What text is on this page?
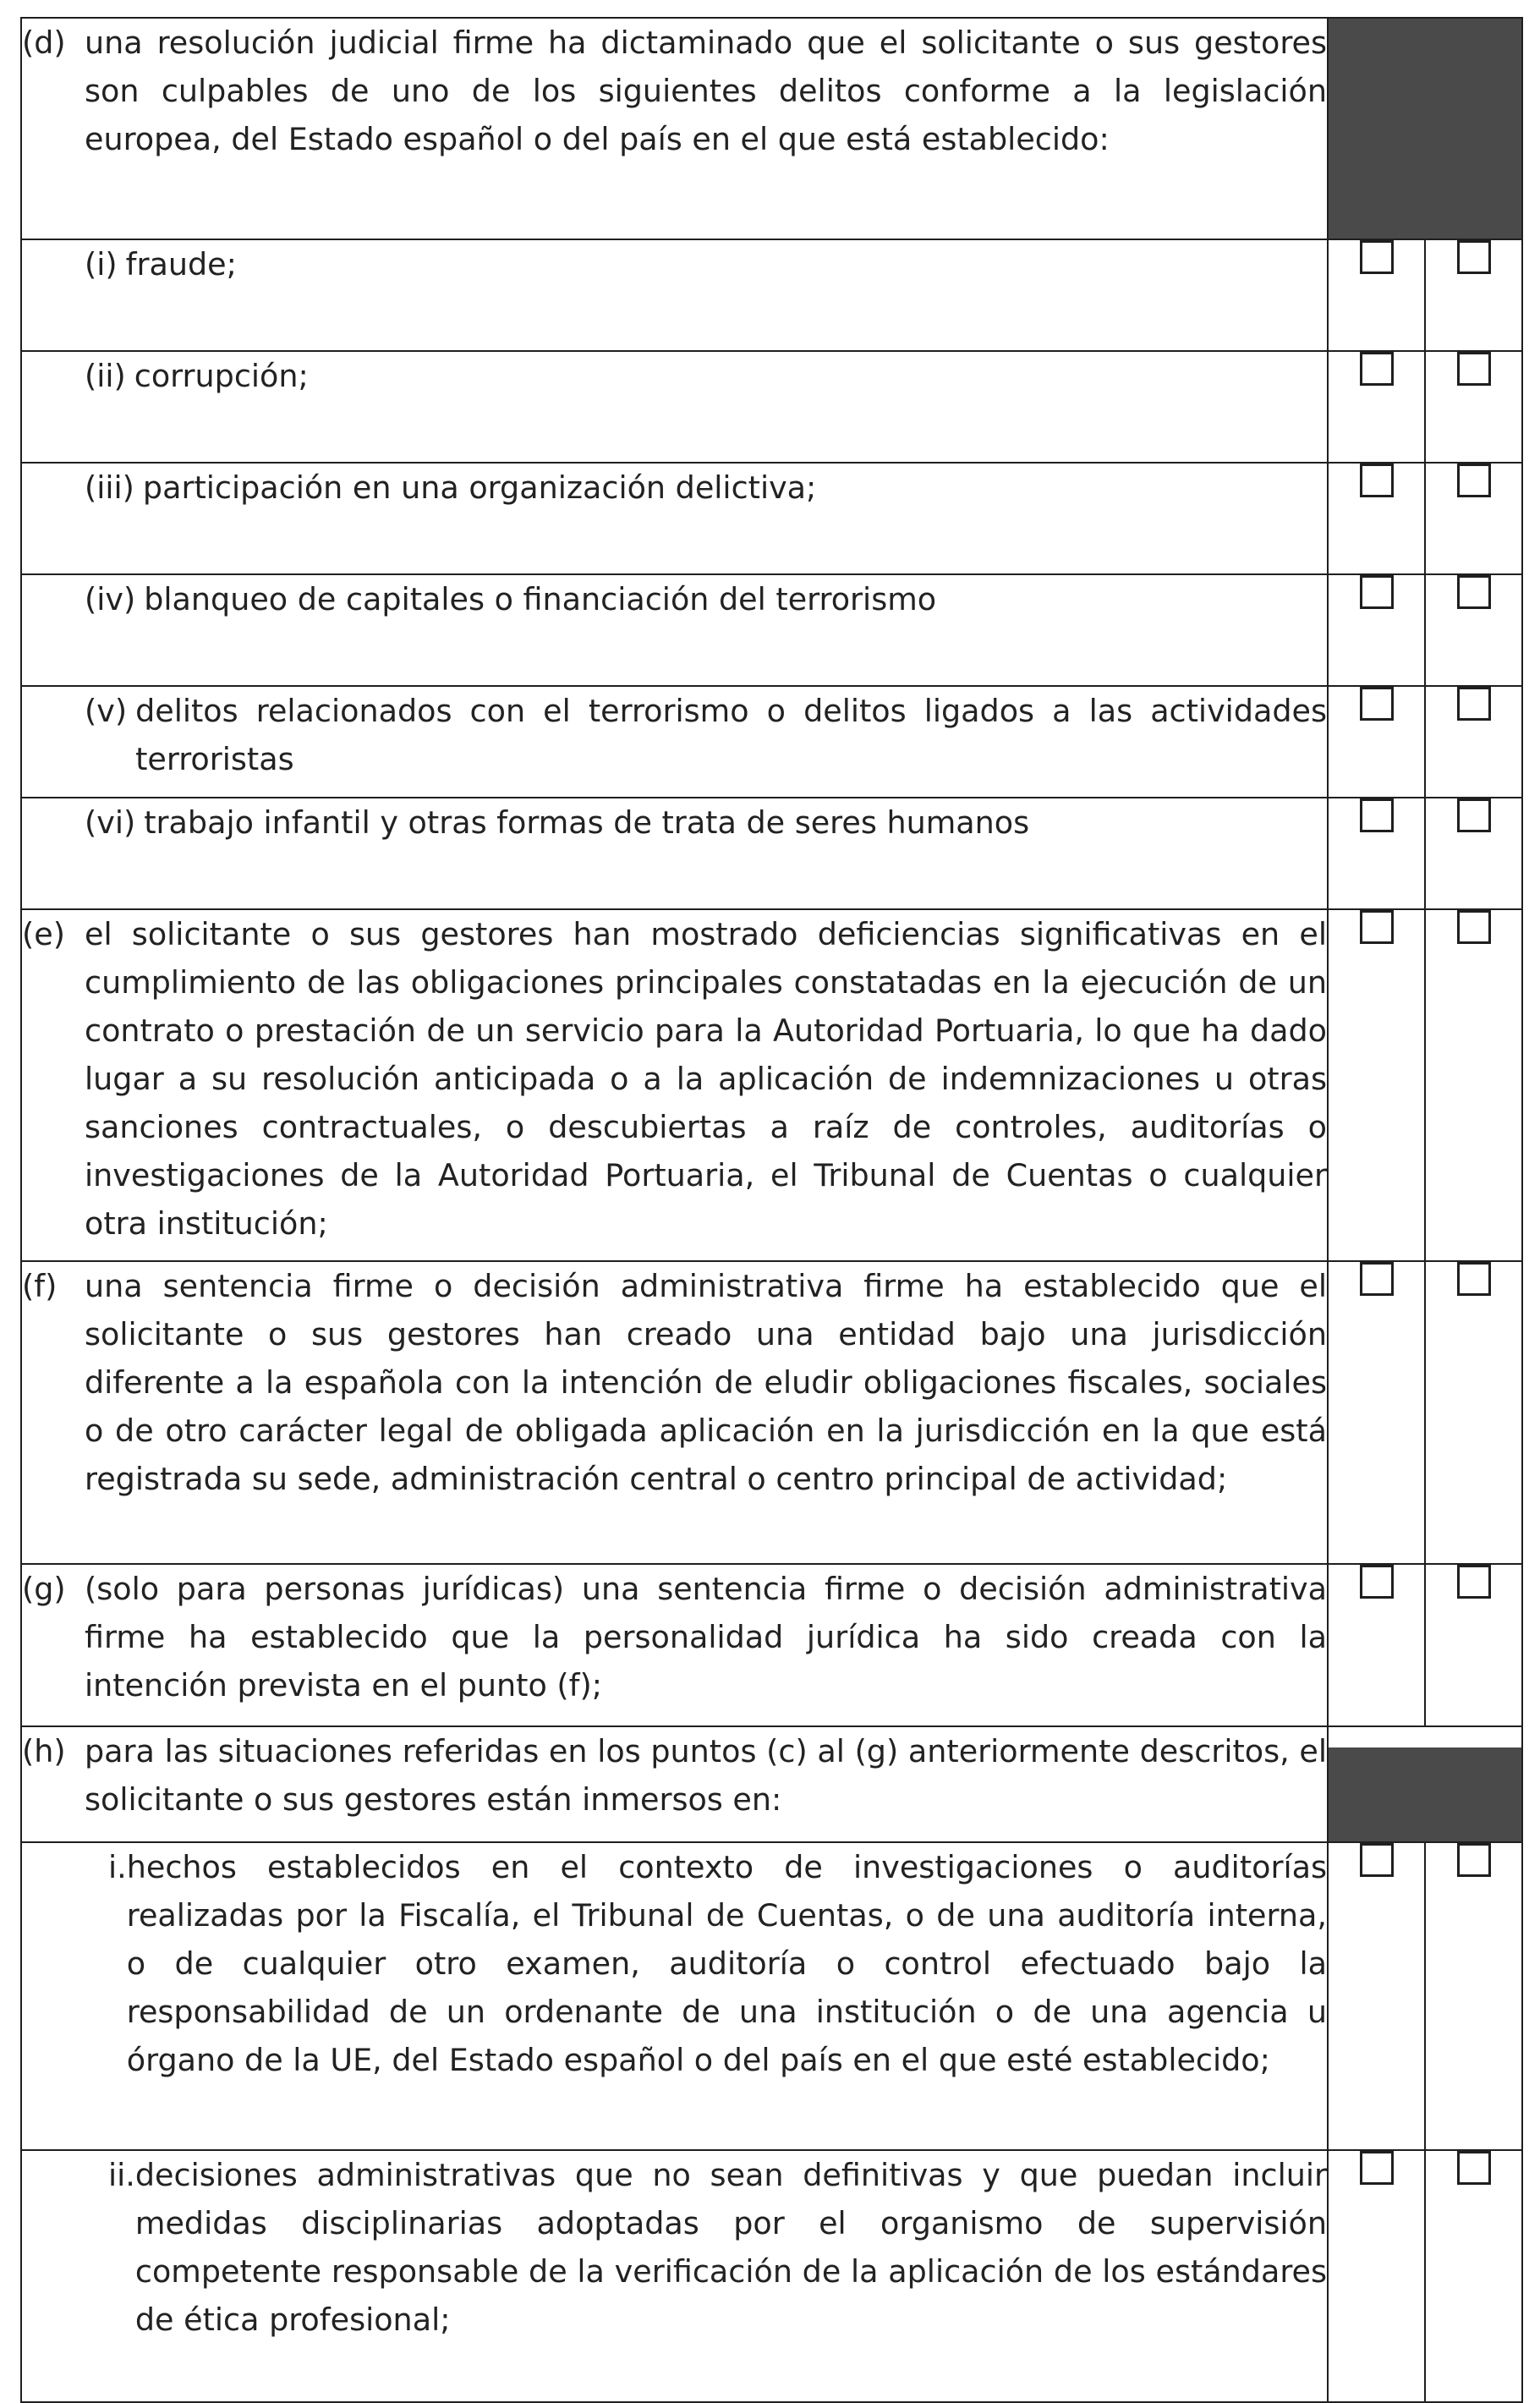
(d) una resolución judicial firme ha dictaminado que el solicitante o sus gestores son culpables de uno de los siguientes delitos conforme a la legislación europea, del Estado español o del país en el que está establecido:		

(i) fraude;		

(ii) corrupción;		

(iii) participación en una organización delictiva;		

(iv) blanqueo de capitales o financiación del terrorismo		

(v) delitos relacionados con el terrorismo o delitos ligados a las actividades terroristas		

(vi) trabajo infantil y otras formas de trata de seres humanos		

(e) el solicitante o sus gestores han mostrado deficiencias significativas en el cumplimiento de las obligaciones principales constatadas en la ejecución de un contrato o prestación de un servicio para la Autoridad Portuaria, lo que ha dado lugar a su resolución anticipada o a la aplicación de indemnizaciones u otras sanciones contractuales, o descubiertas a raíz de controles, auditorías o investigaciones de la Autoridad Portuaria, el Tribunal de Cuentas o cualquier otra institución;		

(f) una sentencia firme o decisión administrativa firme ha establecido que el solicitante o sus gestores han creado una entidad bajo una jurisdicción diferente a la española con la intención de eludir obligaciones fiscales, sociales o de otro carácter legal de obligada aplicación en la jurisdicción en la que está registrada su sede, administración central o centro principal de actividad;		

(g) (solo para personas jurídicas) una sentencia firme o decisión administrativa firme ha establecido que la personalidad jurídica ha sido creada con la intención prevista en el punto (f);		

(h) para las situaciones referidas en los puntos (c) al (g) anteriormente descritos, el solicitante o sus gestores están inmersos en:		

i. hechos establecidos en el contexto de investigaciones o auditorías realizadas por la Fiscalía, el Tribunal de Cuentas, o de una auditoría interna, o de cualquier otro examen, auditoría o control efectuado bajo la responsabilidad de un ordenante de una institución o de una agencia u órgano de la UE, del Estado español o del país en el que esté establecido;		

ii. decisiones administrativas que no sean definitivas y que puedan incluir medidas disciplinarias adoptadas por el organismo de supervisión competente responsable de la verificación de la aplicación de los estándares de ética profesional;		
